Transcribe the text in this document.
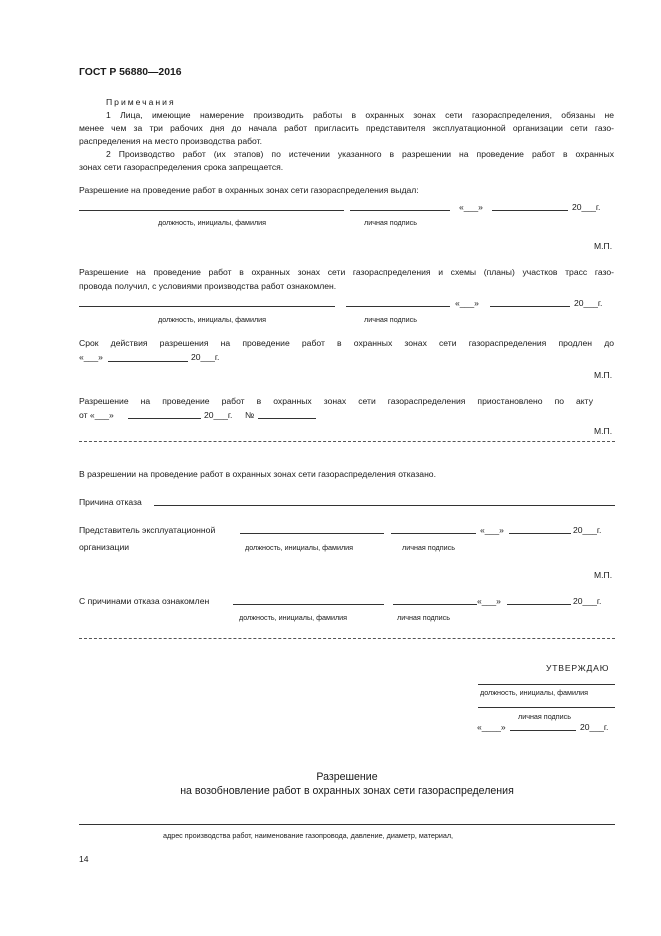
ГОСТ Р 56880—2016
Примечания
1 Лица, имеющие намерение производить работы в охранных зонах сети газораспределения, обязаны не
менее чем за три рабочих дня до начала работ пригласить представителя эксплуатационной организации сети газо-
распределения на место производства работ.
2 Производство работ (их этапов) по истечении указанного в разрешении на проведение работ в охранных
зонах сети газораспределения срока запрещается.
Разрешение на проведение работ в охранных зонах сети газораспределения выдал:
«___»	20___г.
должность, инициалы, фамилия	личная подпись
М.П.
Разрешение на проведение работ в охранных зонах сети газораспределения и схемы (планы) участков трасс газо-
провода получил, с условиями производства работ ознакомлен.
«___»	20___г.
должность, инициалы, фамилия	личная подпись
Срок действия разрешения на проведение работ в охранных зонах сети газораспределения продлен до
«___»	20___г.
М.П.
Разрешение на проведение работ в охранных зонах сети газораспределения приостановлено по акту
от «___»	20___г. №
М.П.
В разрешении на проведение работ в охранных зонах сети газораспределения отказано.
Причина отказа
Представитель эксплуатационной
организации
«___»	20___г.
должность, инициалы, фамилия	личная подпись
М.П.
С причинами отказа ознакомлен	«___»	20___г.
должность, инициалы, фамилия	личная подпись
УТВЕРЖДАЮ
должность, инициалы, фамилия
личная подпись
«____»	20___г.
Разрешение
на возобновление работ в охранных зонах сети газораспределения
адрес производства работ, наименование газопровода, давление, диаметр, материал,
14
